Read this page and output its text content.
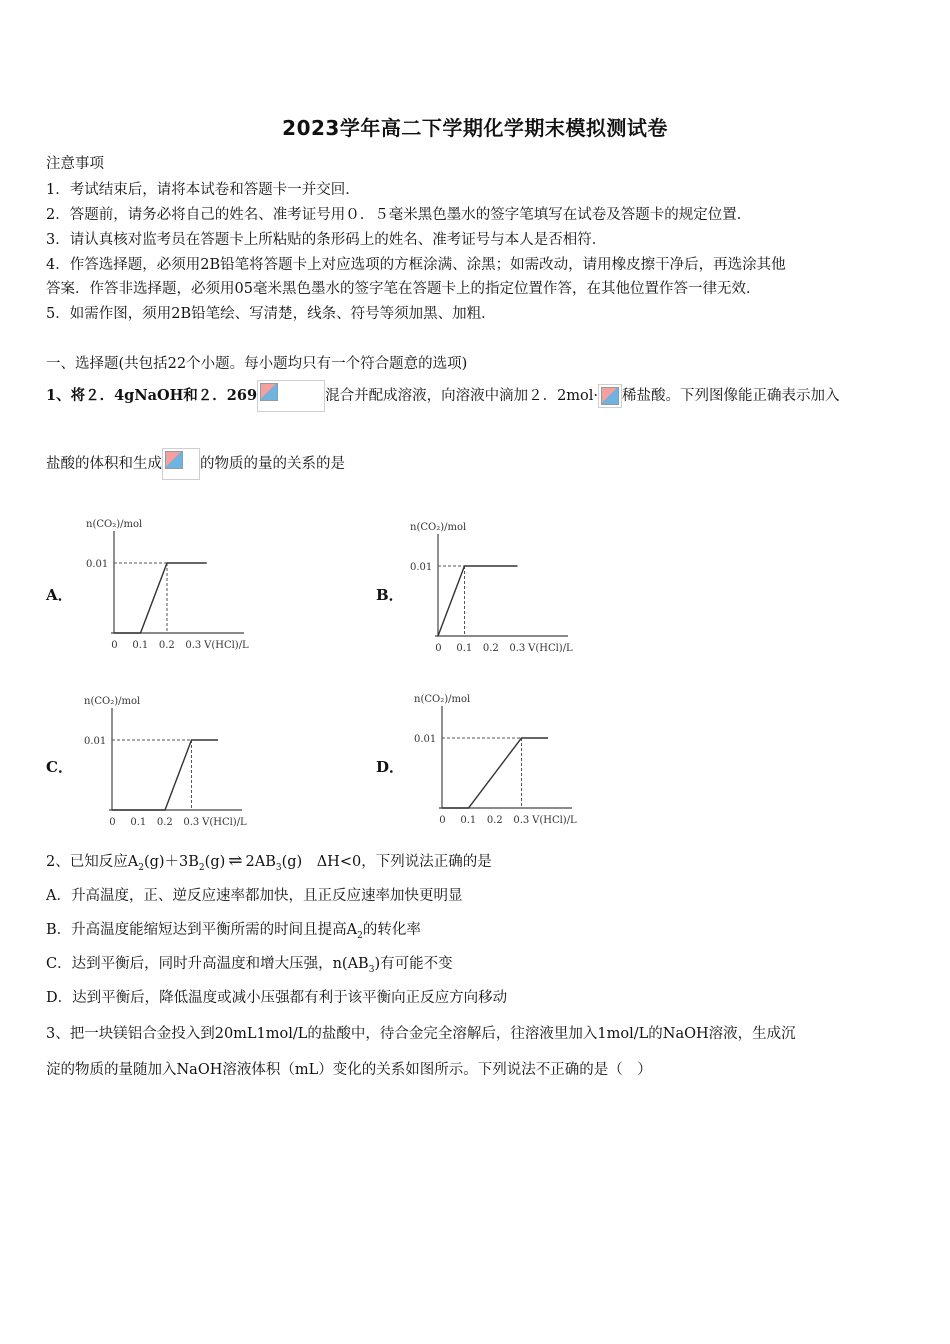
2023学年高二下学期化学期末模拟测试卷
注意事项
1．考试结束后，请将本试卷和答题卡一并交回．
2．答题前，请务必将自己的姓名、准考证号用０．５毫米黑色墨水的签字笔填写在试卷及答题卡的规定位置．
3．请认真核对监考员在答题卡上所粘贴的条形码上的姓名、准考证号与本人是否相符．
4．作答选择题，必须用2B铅笔将答题卡上对应选项的方框涂满、涂黑；如需改动，请用橡皮擦干净后，再选涂其他
答案．作答非选择题，必须用05毫米黑色墨水的签字笔在答题卡上的指定位置作答，在其他位置作答一律无效．
5．如需作图，须用2B铅笔绘、写清楚，线条、符号等须加黑、加粗．
一、选择题(共包括22个小题。每小题均只有一个符合题意的选项)
1、将２．4gNaOH和２．269	混合并配成溶液，向溶液中滴加２．2mol· 稀盐酸。下列图像能正确表示加入
盐酸的体积和生成	的物质的量的关系的是
A．	B．
C．	D．
n(CO₂)/mol
0.01
0 0.1 0.2 0.3 V(HCl)/L
n(CO₂)/mol
0.01
0 0.1 0.2 0.3 V(HCl)/L
n(CO₂)/mol
0.01
0 0.1 0.2 0.3 V(HCl)/L
n(CO₂)/mol
0.01
0 0.1 0.2 0.3 V(HCl)/L
2、已知反应$A_2(g)+3B_2(g)$ ⇌ $2AB_3(g)$　ΔH<0，下列说法正确的是
A．升高温度，正、逆反应速率都加快，且正反应速率加快更明显
B．升高温度能缩短达到平衡所需的时间且提高$A_2$的转化率
C．达到平衡后，同时升高温度和增大压强，$n(AB_3)$有可能不变
D．达到平衡后，降低温度或减小压强都有利于该平衡向正反应方向移动
3、把一块镁铝合金投入到20mL1mol/L的盐酸中，待合金完全溶解后，往溶液里加入1mol/L的NaOH溶液，生成沉
淀的物质的量随加入NaOH溶液体积（mL）变化的关系如图所示。下列说法不正确的是（　）
